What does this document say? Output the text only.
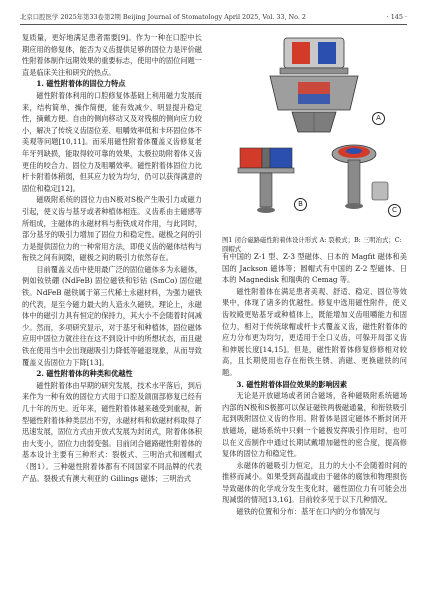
北京口腔医学 2025年第33卷第2期 Beijing Journal of Stomatology April 2025, Vol. 33, No. 2	· 145 ·

复质量，更好地满足患者需要[9]。作为一种在口腔中长期应用的修复体，能否为义齿提供足够的固位力是评价磁性附着体制作远期效果的重要标志，使用中的固位问题一直是临床关注和研究的热点。

1. 磁性附着体的固位力特点

磁性附着体利用的口腔修复体基础上利用磁力发展而来，结构简单，操作简便，能有效减少、明显提升稳定性，摘戴方便。自由的侧向移动又及对残根的侧向应力较小，解决了传统义齿固位差、咀嚼效率低和卡环固位体不美观等问题[10,11]。而采用磁性附着体覆盖义齿修复老年牙列缺损，能取得较可靠的效果，太极拉助附着体义齿更佳的咬合力、固位力及咀嚼效率。磁性附着体固位力比杆卡附着体稍弱，但其应力较为均匀，仍可以获得满意的固位和稳定[12]。

磁吸附系统的固位力由N极对S极产生吸引力或磁力引起，使义齿与基牙或者种植体相连。义齿系由主磁感等所组成，主磁体的永磁材料与衔铁成对作用，与此同时，部分基牙的吸引力增加了固位力和稳定性。磁极之间的引力是提供固位力的一种常用方法，即使义齿的磁体结构与衔铁之间有间隙，磁极之间的吸引力依然存在。

目前覆盖义齿中使用最广泛的固位磁体多为永磁体，例如钕铁硼 (NdFeB) 固位磁铁和钐钴 (SmCo) 固位磁铁。NdFeB 磁铁属于第三代稀土永磁材料，为强力磁铁的代表，是至今磁力最大的人造永久磁铁。理论上，永磁体中的磁引力具有恒定的保持力，其大小不会随着时间减少。然而，多项研究显示，对于基牙和种植体，固位磁体应用中固位力就往往在这不到设计中的所想状态，而且磁铁在使用当中会出现磁吸引力降低等磁退现象，从而导致覆盖义齿固位力下降[13]。

2. 磁性附着体的种类和优越性

磁性附着体由早期的研究发展，技术水平落后，到后来作为一种有效的固位方式用于口腔及颌面部修复已经有几十年的历史。近年来，磁性附着体越来越受到重视，新型磁性附着体种类层出不穷，永磁材料和软磁材料取得了迅速发展，固位方式由开放式发展为封闭式，附着体体积由大变小，固位力由弱变强。目前闭合磁路磁性附着体的基本设计主要有三种形式：裂极式、三明治式和圆帽式（图1）。三种磁性附着体都有不同国家不同品牌的代表产品。裂极式有澳大利亚的 Gillings 磁体；三明治式

A
B
C
图1 闭合磁路磁性附着体设计形式 A: 裂极式；B: 三明治式；C: 圆帽式

有中国的 Z-1 型、Z-3 型磁体、日本的 Magfit 磁体和美国的 Jackson 磁体等；圆帽式有中国的 Z-2 型磁体、日本的 Magnedisk 和瑞典的 Cemag 等。

磁性附着体在满足患者美观、舒适、稳定、固位等效果中，体现了诸多的优越性。修复中选用磁性附件，使义齿咬殿更贴基牙或种植体上，既能增加义齿咀嚼能力和固位力，相对于传统球帽或杆卡式覆盖义齿，磁性附着体的应力分布更为均匀，更适用于全口义齿，可躲开局部义齿和伸展长度[14,15]。但是，磁性附着体修复修修相对较高，且长期使用也存在衔铁生锈、消磁、更换磁铁的问题。

3. 磁性附着体固位效果的影响因素

无论是开放磁场或者闭合磁场，各种磁吸附系统磁场内部的N极和S极都可以保证磁铁两极磁通量，和衔铁吸引起到吸附固位义齿的作用。附着体是固定磁体不断封闭开放磁场，磁场系统中只剩一个磁极发挥吸引作用时，也可以在义齿制作中通过长期试戴增加磁性的密合度，提高修复体的固位力和稳定性。

永磁体的磁吸引力恒定，且力的大小不会随着时间的推移而减小。如果受到高温或由于磁体的腐蚀和物理损伤导致磁体的化学成分发生变化时，磁性固位力有可能会出现减弱的情况[13,16]。目前较多见于以下几种情况。

磁铁的位置和分布：基牙在口内的分布情况与
